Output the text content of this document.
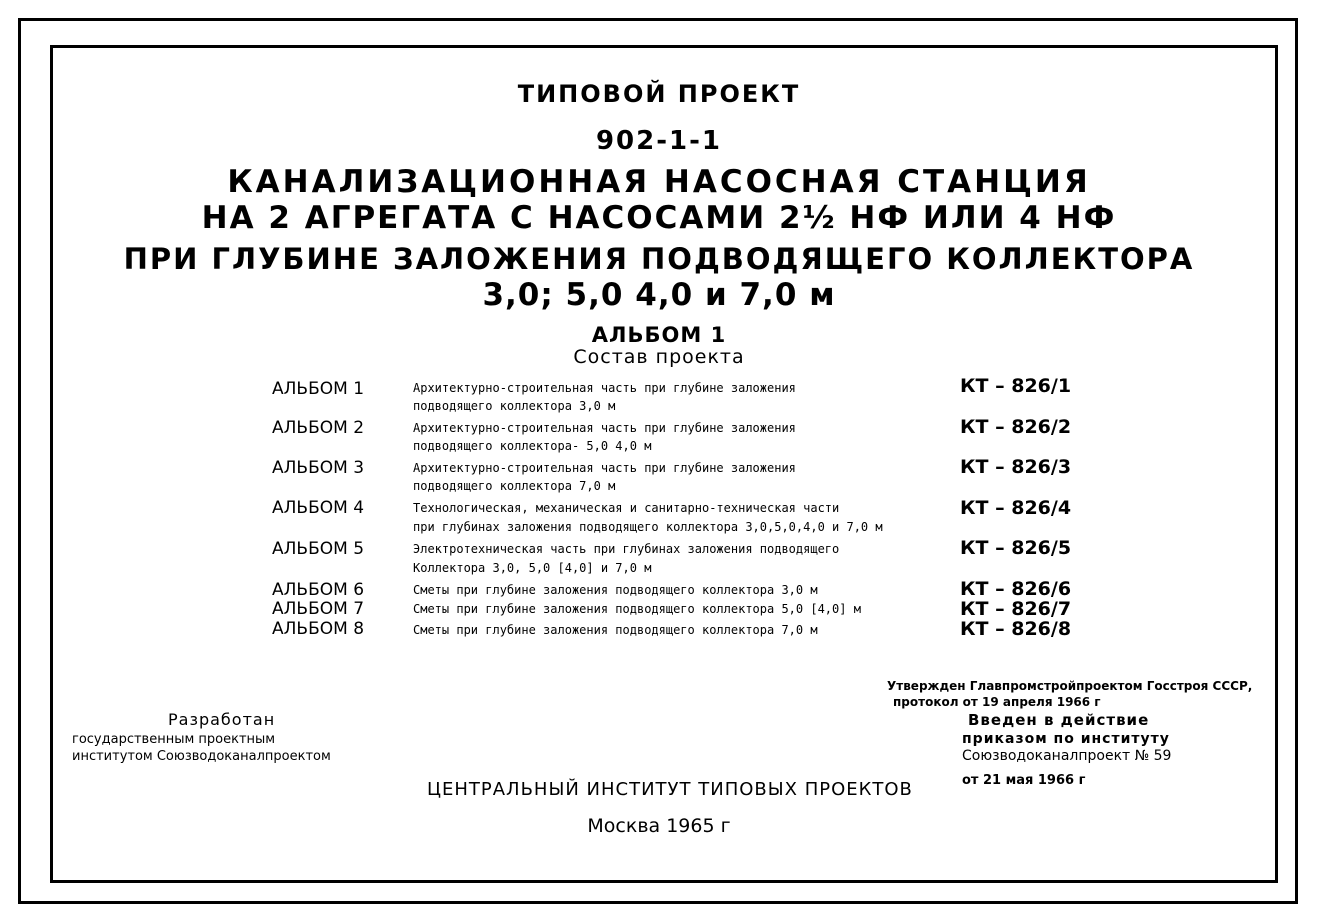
ТИПОВОЙ ПРОЕКТ
902-1-1
КАНАЛИЗАЦИОННАЯ НАСОСНАЯ СТАНЦИЯ
НА 2 АГРЕГАТА С НАСОСАМИ 2½ НФ ИЛИ 4 НФ
ПРИ ГЛУБИНЕ ЗАЛОЖЕНИЯ ПОДВОДЯЩЕГО КОЛЛЕКТОРА
3,0; 5,0 4,0 и 7,0 м
АЛЬБОМ 1
Состав проекта
АЛЬБОМ 1	Архитектурно-строительная часть при глубине заложения
подводящего коллектора 3,0 м
КТ – 826/1
АЛЬБОМ 2	Архитектурно-строительная часть при глубине заложения
подводящего коллектора- 5,0 4,0 м
КТ – 826/2
АЛЬБОМ 3	Архитектурно-строительная часть при глубине заложения
подводящего коллектора 7,0 м
КТ – 826/3
АЛЬБОМ 4	Технологическая, механическая и санитарно-техническая части
при глубинах заложения подводящего коллектора 3,0,5,0,4,0 и 7,0 м
КТ – 826/4
АЛЬБОМ 5	Электротехническая часть при глубинах заложения подводящего
Коллектора 3,0, 5,0 [4,0] и 7,0 м
КТ – 826/5
АЛЬБОМ 6	Сметы при глубине заложения подводящего коллектора 3,0 м	КТ – 826/6
АЛЬБОМ 7	Сметы при глубине заложения подводящего коллектора 5,0 [4,0] м	КТ – 826/7
АЛЬБОМ 8	Сметы при глубине заложения подводящего коллектора 7,0 м	КТ – 826/8
Утвержден Главпромстройпроектом Госстроя СССР,
протокол от 19 апреля 1966 г
Введен в действие
приказом по институту
Союзводоканалпроект № 59
от 21 мая 1966 г
Разработан
государственным проектным
институтом Союзводоканалпроектом
ЦЕНТРАЛЬНЫЙ ИНСТИТУТ ТИПОВЫХ ПРОЕКТОВ
Москва 1965 г
